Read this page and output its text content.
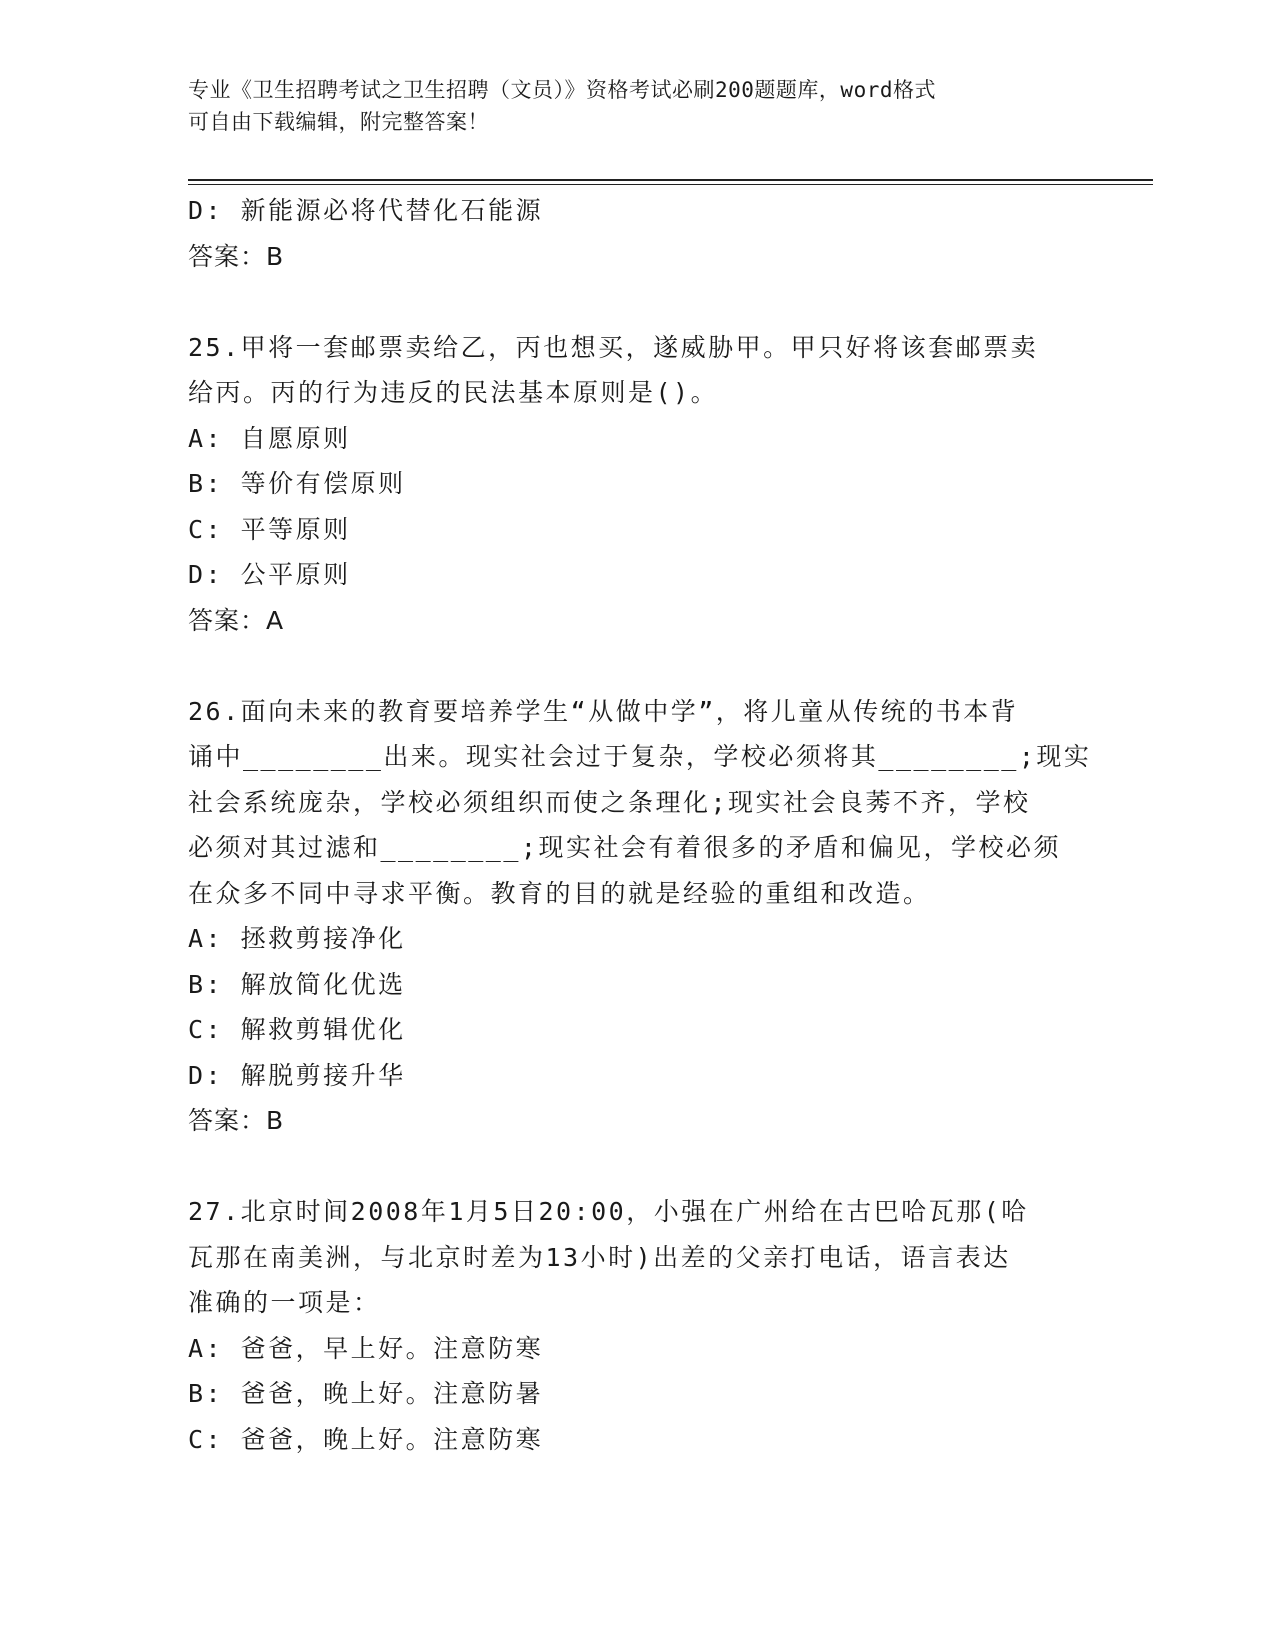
专业《卫生招聘考试之卫生招聘（文员）》资格考试必刷200题题库，word格式
可自由下载编辑，附完整答案！
D: 新能源必将代替化石能源
答案：B
25.甲将一套邮票卖给乙，丙也想买，遂威胁甲。甲只好将该套邮票卖
给丙。丙的行为违反的民法基本原则是()。
A: 自愿原则
B: 等价有偿原则
C: 平等原则
D: 公平原则
答案：A
26.面向未来的教育要培养学生“从做中学”，将儿童从传统的书本背
诵中________出来。现实社会过于复杂，学校必须将其________;现实
社会系统庞杂，学校必须组织而使之条理化;现实社会良莠不齐，学校
必须对其过滤和________;现实社会有着很多的矛盾和偏见，学校必须
在众多不同中寻求平衡。教育的目的就是经验的重组和改造。
A: 拯救剪接净化
B: 解放简化优选
C: 解救剪辑优化
D: 解脱剪接升华
答案：B
27.北京时间2008年1月5日20:00，小强在广州给在古巴哈瓦那(哈
瓦那在南美洲，与北京时差为13小时)出差的父亲打电话，语言表达
准确的一项是：
A: 爸爸，早上好。注意防寒
B: 爸爸，晚上好。注意防暑
C: 爸爸，晚上好。注意防寒
